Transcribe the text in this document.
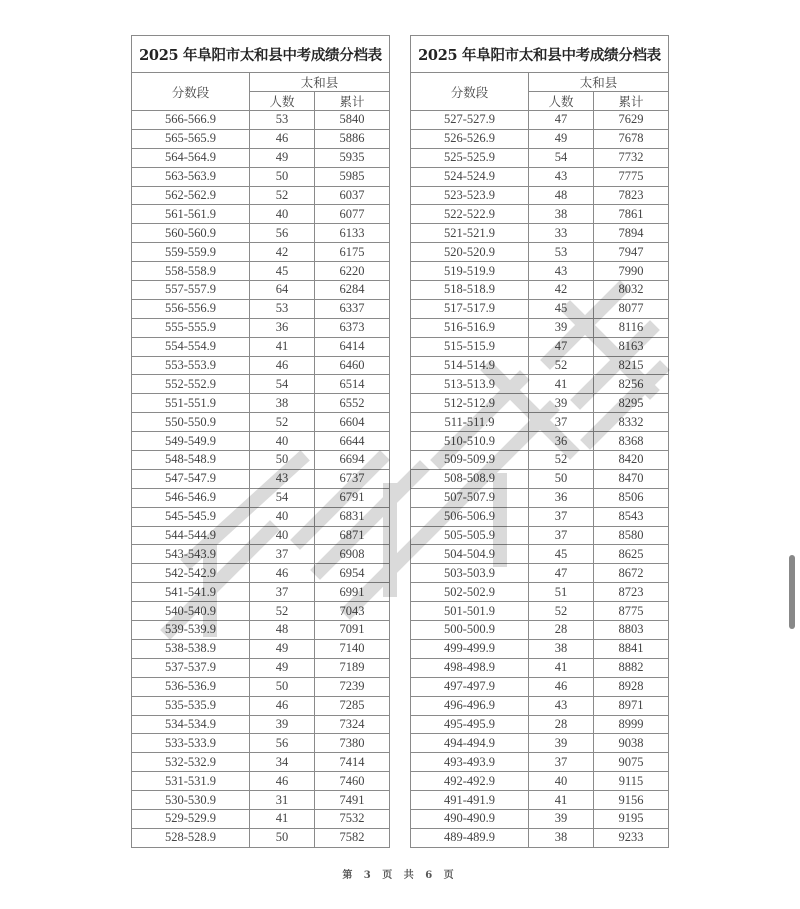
2025 年阜阳市太和县中考成绩分档表		
分数段	太和县	
	人数	累计
566-566.9	53	5840
565-565.9	46	5886
564-564.9	49	5935
563-563.9	50	5985
562-562.9	52	6037
561-561.9	40	6077
560-560.9	56	6133
559-559.9	42	6175
558-558.9	45	6220
557-557.9	64	6284
556-556.9	53	6337
555-555.9	36	6373
554-554.9	41	6414
553-553.9	46	6460
552-552.9	54	6514
551-551.9	38	6552
550-550.9	52	6604
549-549.9	40	6644
548-548.9	50	6694
547-547.9	43	6737
546-546.9	54	6791
545-545.9	40	6831
544-544.9	40	6871
543-543.9	37	6908
542-542.9	46	6954
541-541.9	37	6991
540-540.9	52	7043
539-539.9	48	7091
538-538.9	49	7140
537-537.9	49	7189
536-536.9	50	7239
535-535.9	46	7285
534-534.9	39	7324
533-533.9	56	7380
532-532.9	34	7414
531-531.9	46	7460
530-530.9	31	7491
529-529.9	41	7532
528-528.9	50	7582
2025 年阜阳市太和县中考成绩分档表		
分数段	太和县	
	人数	累计
527-527.9	47	7629
526-526.9	49	7678
525-525.9	54	7732
524-524.9	43	7775
523-523.9	48	7823
522-522.9	38	7861
521-521.9	33	7894
520-520.9	53	7947
519-519.9	43	7990
518-518.9	42	8032
517-517.9	45	8077
516-516.9	39	8116
515-515.9	47	8163
514-514.9	52	8215
513-513.9	41	8256
512-512.9	39	8295
511-511.9	37	8332
510-510.9	36	8368
509-509.9	52	8420
508-508.9	50	8470
507-507.9	36	8506
506-506.9	37	8543
505-505.9	37	8580
504-504.9	45	8625
503-503.9	47	8672
502-502.9	51	8723
501-501.9	52	8775
500-500.9	28	8803
499-499.9	38	8841
498-498.9	41	8882
497-497.9	46	8928
496-496.9	43	8971
495-495.9	28	8999
494-494.9	39	9038
493-493.9	37	9075
492-492.9	40	9115
491-491.9	41	9156
490-490.9	39	9195
489-489.9	38	9233
第 3 页 共 6 页
